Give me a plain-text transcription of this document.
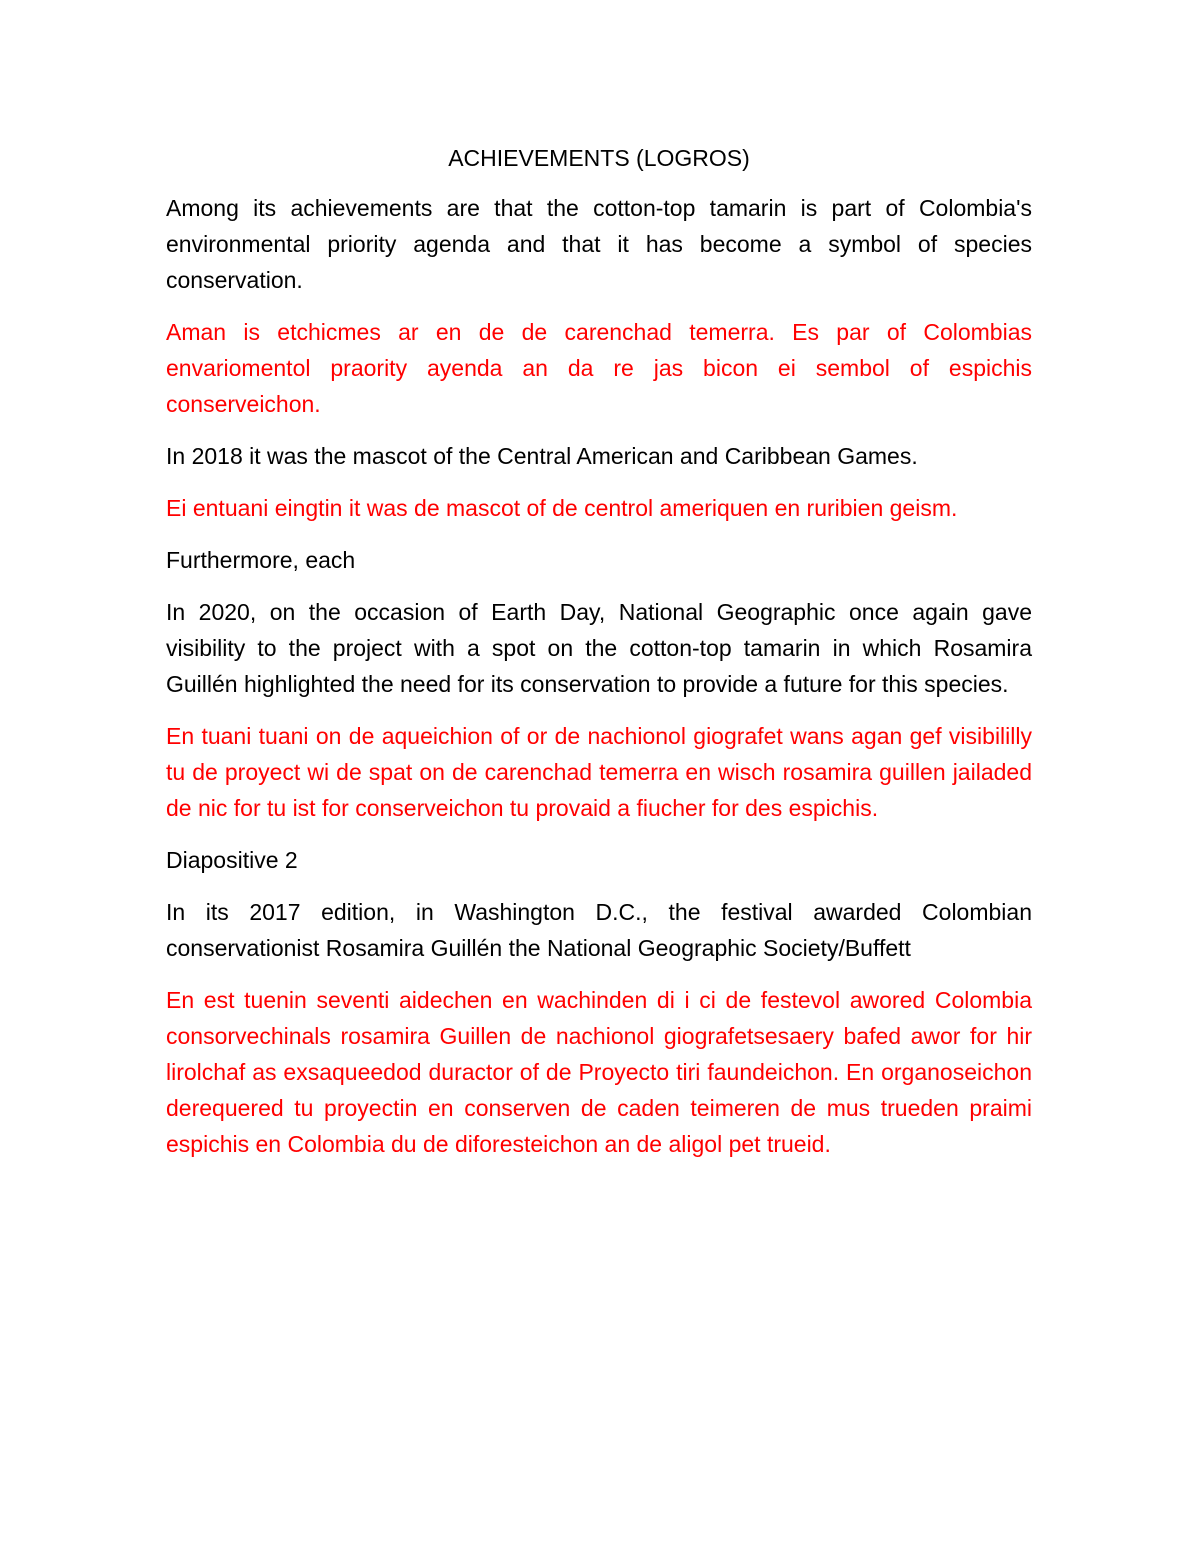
ACHIEVEMENTS (LOGROS)

Among its achievements are that the cotton-top tamarin is part of Colombia's environmental priority agenda and that it has become a symbol of species conservation.

Aman is etchicmes ar en de de carenchad temerra. Es par of Colombias envariomentol praority ayenda an da re jas bicon ei sembol of espichis conserveichon.

In 2018 it was the mascot of the Central American and Caribbean Games.

Ei entuani eingtin it was de mascot of de centrol ameriquen en ruribien geism.

Furthermore, each

In 2020, on the occasion of Earth Day, National Geographic once again gave visibility to the project with a spot on the cotton-top tamarin in which Rosamira Guillén highlighted the need for its conservation to provide a future for this species.

En tuani tuani on de aqueichion of or de nachionol giografet wans agan gef visibililly tu de proyect wi de spat on de carenchad temerra en wisch rosamira guillen jailaded de nic for tu ist for conserveichon tu provaid a fiucher for des espichis.

Diapositive 2

In its 2017 edition, in Washington D.C., the festival awarded Colombian conservationist Rosamira Guillén the National Geographic Society/Buffett

En est tuenin seventi aidechen en wachinden di i ci de festevol awored Colombia consorvechinals rosamira Guillen de nachionol giografetsesaery bafed awor for hir lirolchaf as exsaqueedod duractor of de Proyecto tiri faundeichon. En organoseichon derequered tu proyectin en conserven de caden teimeren de mus trueden praimi espichis en Colombia du de diforesteichon an de aligol pet trueid.
